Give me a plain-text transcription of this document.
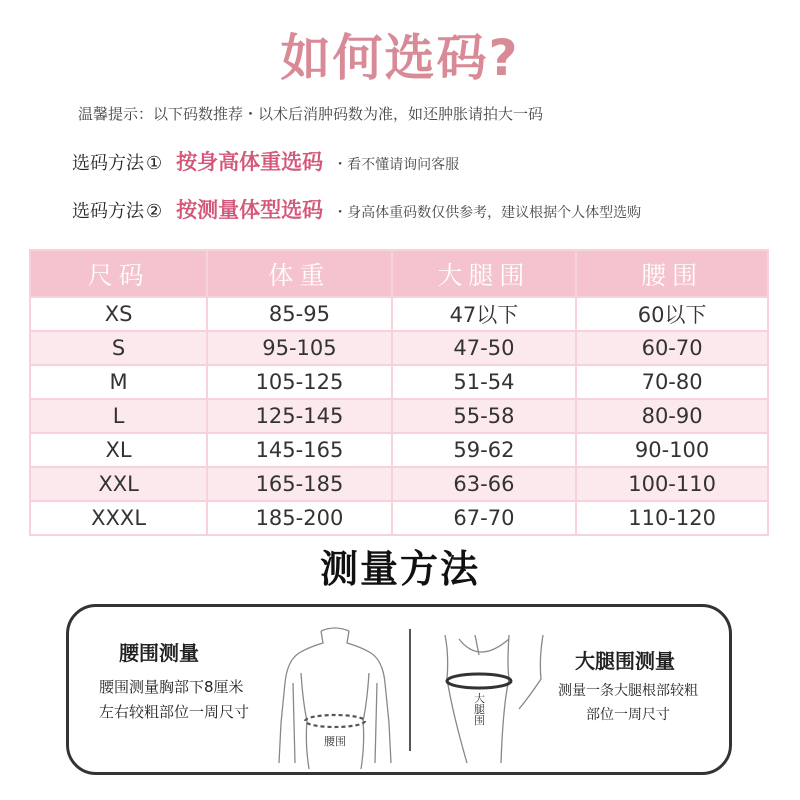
如何选码?
温馨提示：以下码数推荐・以术后消肿码数为准，如还肿胀请拍大一码
选码方法 ① 按身高体重选码 ・看不懂请询问客服
选码方法 ② 按测量体型选码 ・身高体重码数仅供参考，建议根据个人体型选购
尺码	体重	大腿围	腰围
XS	85-95	47以下	60以下
S	95-105	47-50	60-70
M	105-125	51-54	70-80
L	125-145	55-58	80-90
XL	145-165	59-62	90-100
XXL	165-185	63-66	100-110
XXXL	185-200	67-70	110-120
测量方法
腰围测量
腰围测量胸部下8厘米
左右较粗部位一周尺寸
腰围
大腿围
大腿围测量
测量一条大腿根部较粗
部位一周尺寸
